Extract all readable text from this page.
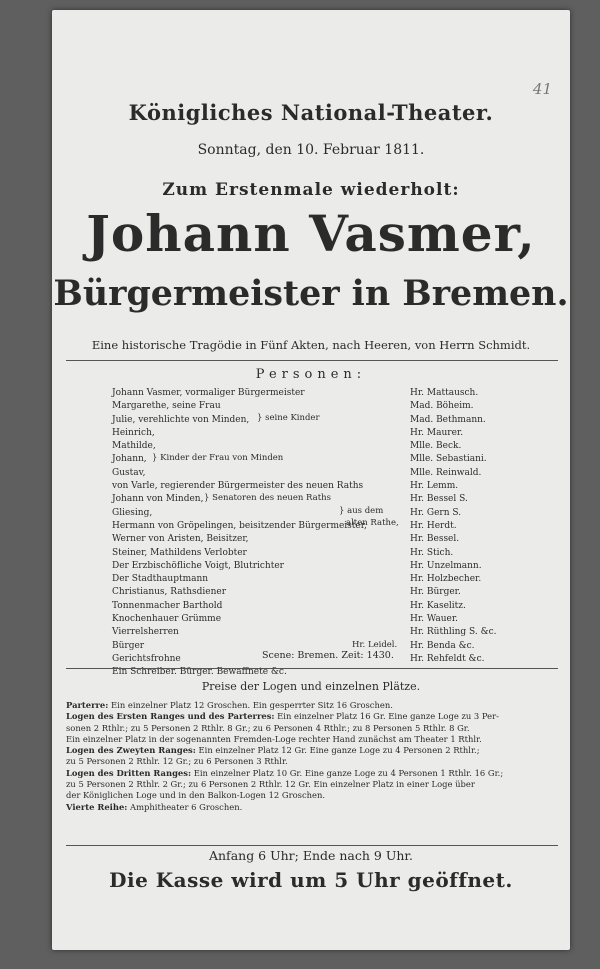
41
Königliches National-Theater.
Sonntag, den 10. Februar 1811.
Zum Erstenmale wiederholt:
Johann Vasmer,
Bürgermeister in Bremen.
Eine historische Tragödie in Fünf Akten, nach Heeren, von Herrn Schmidt.
Personen:
Johann Vasmer, vormaliger Bürgermeister
Margarethe, seine Frau
Julie, verehlichte von Minden,
Heinrich,
Mathilde,
Johann,
Gustav,
von Varle, regierender Bürgermeister des neuen Raths
Johann von Minden,
Gliesing,
Hermann von Gröpelingen, beisitzender Bürgermeister,
Werner von Aristen, Beisitzer,
Steiner, Mathildens Verlobter
Der Erzbischöfliche Voigt, Blutrichter
Der Stadthauptmann
Christianus, Rathsdiener
Tonnenmacher Barthold
Knochenhauer Grümme
Vierrelsherren
Bürger
Gerichtsfrohne
Ein Schreiber. Bürger. Bewaffnete &c.
} seine Kinder
} Kinder der Frau von Minden
} Senatoren des neuen Raths
} aus dem
alten Rathe,
Hr. Leidel.
Hr. Mattausch.
Mad. Böheim.
Mad. Bethmann.
Hr. Maurer.
Mlle. Beck.
Mlle. Sebastiani.
Mlle. Reinwald.
Hr. Lemm.
Hr. Bessel S.
Hr. Gern S.
Hr. Herdt.
Hr. Bessel.
Hr. Stich.
Hr. Unzelmann.
Hr. Holzbecher.
Hr. Bürger.
Hr. Kaselitz.
Hr. Wauer.
Hr. Rüthling S. &c.
Hr. Benda &c.
Hr. Rehfeldt &c.
Scene: Bremen. Zeit: 1430.
Preise der Logen und einzelnen Plätze.
Parterre: Ein einzelner Platz 12 Groschen. Ein gesperrter Sitz 16 Groschen.
Logen des Ersten Ranges und des Parterres: Ein einzelner Platz 16 Gr. Eine ganze Loge zu 3 Per-
sonen 2 Rthlr.; zu 5 Personen 2 Rthlr. 8 Gr.; zu 6 Personen 4 Rthlr.; zu 8 Personen 5 Rthlr. 8 Gr.
Ein einzelner Platz in der sogenannten Fremden-Loge rechter Hand zunächst am Theater 1 Rthlr.
Logen des Zweyten Ranges: Ein einzelner Platz 12 Gr. Eine ganze Loge zu 4 Personen 2 Rthlr.;
zu 5 Personen 2 Rthlr. 12 Gr.; zu 6 Personen 3 Rthlr.
Logen des Dritten Ranges: Ein einzelner Platz 10 Gr. Eine ganze Loge zu 4 Personen 1 Rthlr. 16 Gr.;
zu 5 Personen 2 Rthlr. 2 Gr.; zu 6 Personen 2 Rthlr. 12 Gr. Ein einzelner Platz in einer Loge über
der Königlichen Loge und in den Balkon-Logen 12 Groschen.
Vierte Reihe: Amphitheater 6 Groschen.
Anfang 6 Uhr; Ende nach 9 Uhr.
Die Kasse wird um 5 Uhr geöffnet.
